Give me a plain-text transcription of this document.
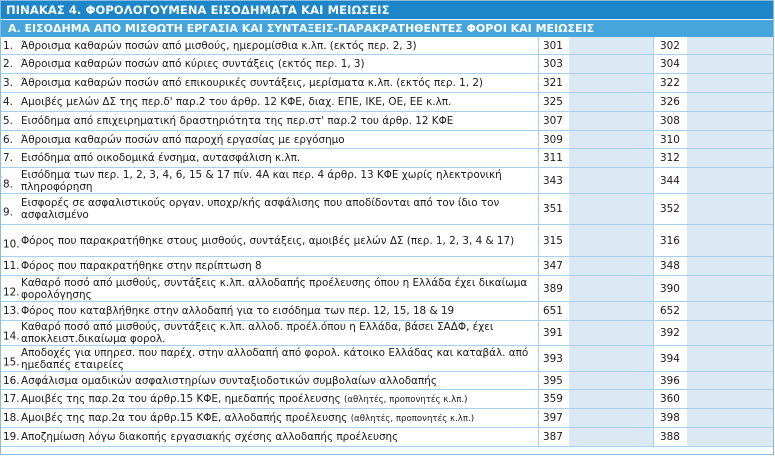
ΠΙΝΑΚΑΣ 4. ΦΟΡΟΛΟΓΟΥΜΕΝΑ ΕΙΣΟΔΗΜΑΤΑ ΚΑΙ ΜΕΙΩΣΕΙΣ
Α. ΕΙΣΟΔΗΜΑ ΑΠΟ ΜΙΣΘΩΤΗ ΕΡΓΑΣΙΑ ΚΑΙ ΣΥΝΤΑΞΕΙΣ-ΠΑΡΑΚΡΑΤΗΘΕΝΤΕΣ ΦΟΡΟΙ ΚΑΙ ΜΕΙΩΣΕΙΣ
1. Άθροισμα καθαρών ποσών από μισθούς, ημερομίσθια κ.λπ. (εκτός περ. 2, 3)	301	302
2. Άθροισμα καθαρών ποσών από κύριες συντάξεις (εκτός περ. 1, 3)	303	304
3. Άθροισμα καθαρών ποσών από επικουρικές συντάξεις, μερίσματα κ.λπ. (εκτός περ. 1, 2)	321	322
4. Αμοιβές μελών ΔΣ της περ.δ' παρ.2 του άρθρ. 12 ΚΦΕ, διαχ. ΕΠΕ, ΙΚΕ, ΟΕ, ΕΕ κ.λπ.	325	326
5. Εισόδημα από επιχειρηματική δραστηριότητα της περ.στ' παρ.2 του άρθρ. 12 ΚΦΕ	307	308
6. Άθροισμα καθαρών ποσών από παροχή εργασίας με εργόσημο	309	310
7. Εισόδημα από οικοδομικά ένσημα, αυτασφάλιση κ.λπ.	311	312
8.
Εισόδημα των περ. 1, 2, 3, 4, 6, 15 & 17 πίν. 4Α και περ. 4 άρθρ. 13 ΚΦΕ χωρίς ηλεκτρονική πληροφόρηση	343	344
9.
Εισφορές σε ασφαλιστικούς οργαν. υποχρ/κής ασφάλισης που αποδίδονται από τον ίδιο τον ασφαλισμένο	351	352
10. Φόρος που παρακρατήθηκε στους μισθούς, συντάξεις, αμοιβές μελών ΔΣ (περ. 1, 2, 3, 4 & 17)	315	316
11. Φόρος που παρακρατήθηκε στην περίπτωση 8	347	348
12.
Καθαρό ποσό από μισθούς, συντάξεις κ.λπ. αλλοδαπής προέλευσης όπου η Ελλάδα έχει δικαίωμα φορολόγησης	389	390
13. Φόρος που καταβλήθηκε στην αλλοδαπή για το εισόδημα των περ. 12, 15, 18 & 19	651	652
14.
Καθαρό ποσό από μισθούς, συντάξεις κ.λπ. αλλοδ. προέλ.όπου η Ελλάδα, βάσει ΣΑΔΦ, έχει αποκλειστ.δικαίωμα φορολ.	391	392
15.
Αποδοχές για υπηρεσ. που παρέχ. στην αλλοδαπή από φορολ. κάτοικο Ελλάδας και καταβάλ. από ημεδαπές εταιρείες	393	394
16. Ασφάλισμα ομαδικών ασφαλιστηρίων συνταξιοδοτικών συμβολαίων αλλοδαπής	395	396
17. Αμοιβές της παρ.2α του άρθρ.15 ΚΦΕ, ημεδαπής προέλευσης (αθλητές, προπονητές κ.λπ.)	359	360
18. Αμοιβές της παρ.2α του άρθρ.15 ΚΦΕ, αλλοδαπής προέλευσης (αθλητές, προπονητές κ.λπ.)	397	398
19. Αποζημίωση λόγω διακοπής εργασιακής σχέσης αλλοδαπής προέλευσης	387	388
